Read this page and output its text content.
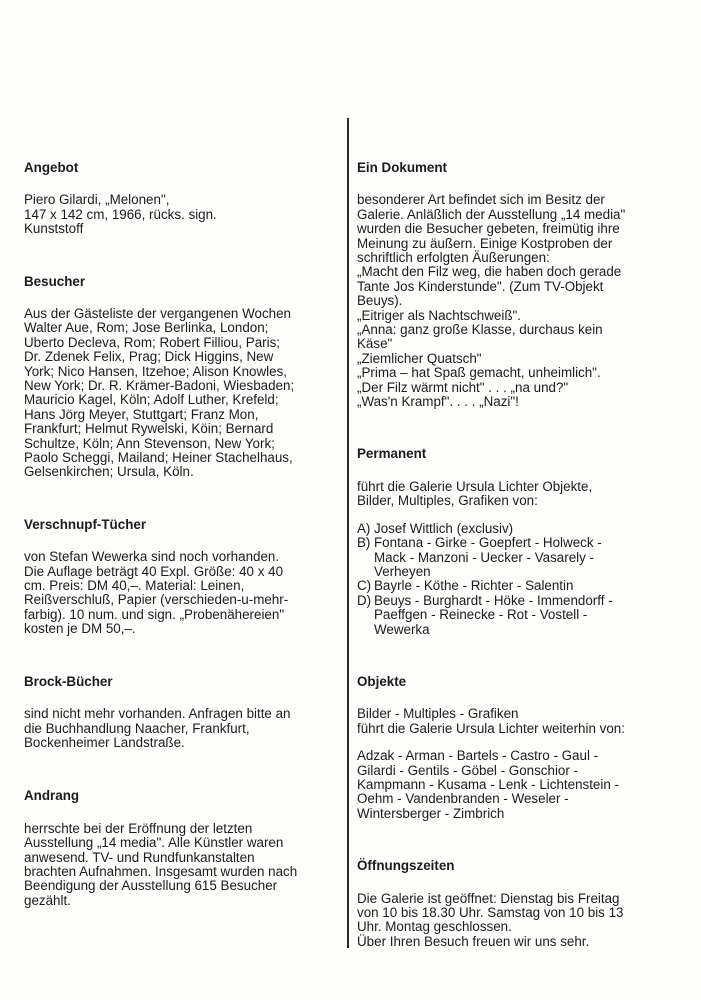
Angebot

Piero Gilardi, „Melonen",
147 x 142 cm, 1966, rücks. sign.
Kunststoff

Besucher

Aus der Gästeliste der vergangenen Wochen
Walter Aue, Rom; Jose Berlinka, London;
Uberto Decleva, Rom; Robert Filliou, Paris;
Dr. Zdenek Felix, Prag; Dick Higgins, New
York; Nico Hansen, Itzehoe; Alison Knowles,
New York; Dr. R. Krämer-Badoni, Wiesbaden;
Mauricio Kagel, Köln; Adolf Luther, Krefeld;
Hans Jörg Meyer, Stuttgart; Franz Mon,
Frankfurt; Helmut Rywelski, Köin; Bernard
Schultze, Köln; Ann Stevenson, New York;
Paolo Scheggi, Mailand; Heiner Stachelhaus,
Gelsenkirchen; Ursula, Köln.

Verschnupf-Tücher

von Stefan Wewerka sind noch vorhanden.
Die Auflage beträgt 40 Expl. Größe: 40 x 40
cm. Preis: DM 40,–. Material: Leinen,
Reißverschluß, Papier (verschieden-u-mehr-
farbig). 10 num. und sign. „Probenähereien"
kosten je DM 50,–.

Brock-Bücher

sind nicht mehr vorhanden. Anfragen bitte an
die Buchhandlung Naacher, Frankfurt,
Bockenheimer Landstraße.

Andrang

herrschte bei der Eröffnung der letzten
Ausstellung „14 media". Alle Künstler waren
anwesend. TV- und Rundfunkanstalten
brachten Aufnahmen. Insgesamt wurden nach
Beendigung der Ausstellung 615 Besucher
gezählt.

Ein Dokument

besonderer Art befindet sich im Besitz der
Galerie. Anläßlich der Ausstellung „14 media"
wurden die Besucher gebeten, freimütig ihre
Meinung zu äußern. Einige Kostproben der
schriftlich erfolgten Äußerungen:
„Macht den Filz weg, die haben doch gerade
Tante Jos Kinderstunde". (Zum TV-Objekt
Beuys).
„Eitriger als Nachtschweiß".
„Anna: ganz große Klasse, durchaus kein
Käse"
„Ziemlicher Quatsch"
„Prima – hat Spaß gemacht, unheimlich".
„Der Filz wärmt nicht" . . . „na und?"
„Was'n Krampf". . . . „Nazi"!

Permanent

führt die Galerie Ursula Lichter Objekte,
Bilder, Multiples, Grafiken von:

A) Josef Wittlich (exclusiv)
B) Fontana - Girke - Goepfert - Holweck -
Mack - Manzoni - Uecker - Vasarely -
Verheyen
C) Bayrle - Köthe - Richter - Salentin
D) Beuys - Burghardt - Höke - Immendorff -
Paeffgen - Reinecke - Rot - Vostell -
Wewerka

Objekte

Bilder - Multiples - Grafiken
führt die Galerie Ursula Lichter weiterhin von:

Adzak - Arman - Bartels - Castro - Gaul -
Gilardi - Gentils - Göbel - Gonschior -
Kampmann - Kusama - Lenk - Lichtenstein -
Oehm - Vandenbranden - Weseler -
Wintersberger - Zimbrich

Öffnungszeiten

Die Galerie ist geöffnet: Dienstag bis Freitag
von 10 bis 18.30 Uhr. Samstag von 10 bis 13
Uhr. Montag geschlossen.
Über Ihren Besuch freuen wir uns sehr.
